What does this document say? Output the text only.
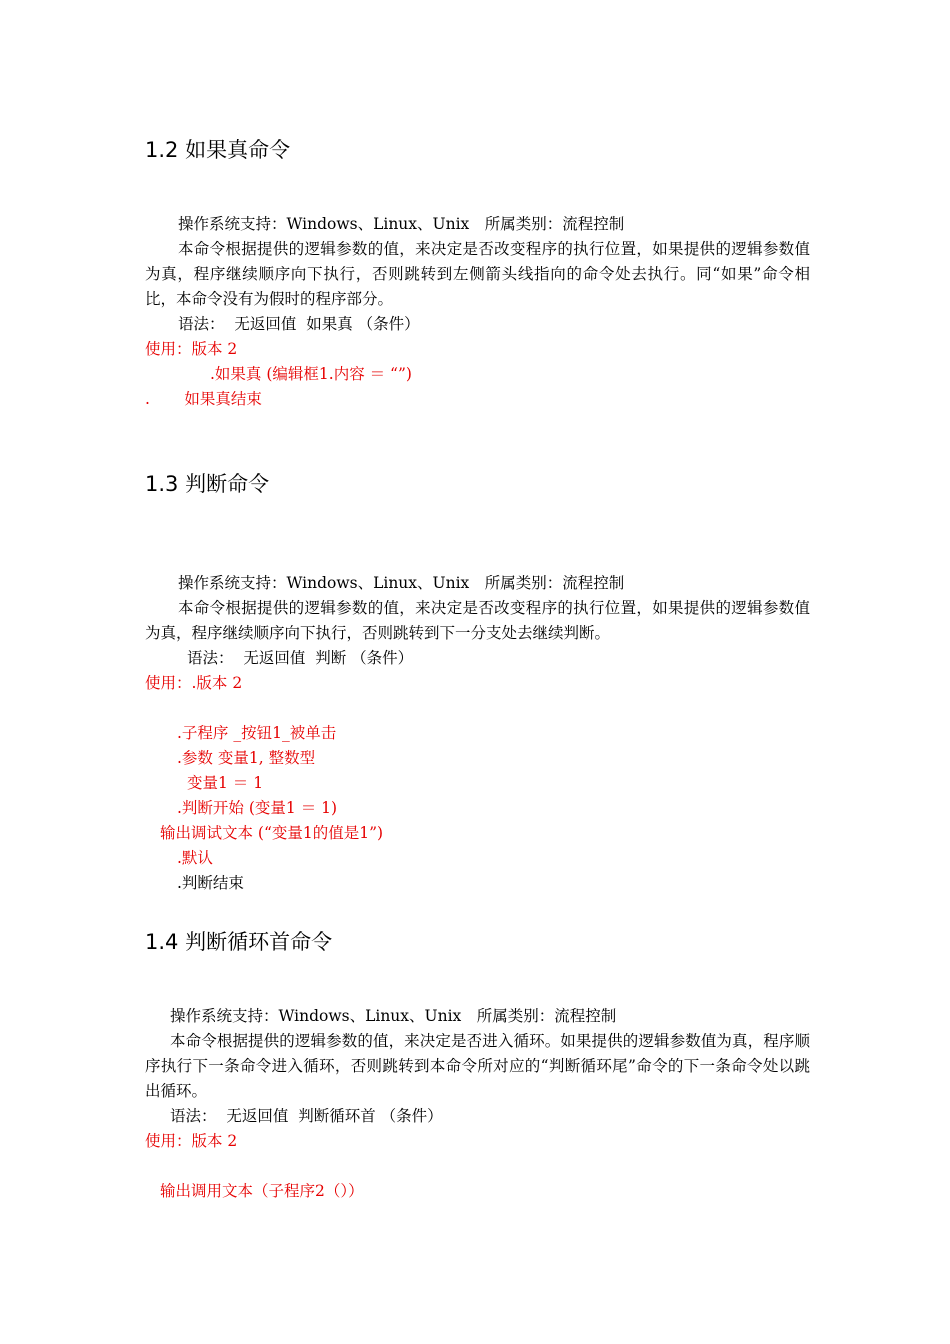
1.2 如果真命令
操作系统支持：Windows、Linux、Unix　所属类别：流程控制
本命令根据提供的逻辑参数的值，来决定是否改变程序的执行位置，如果提供的逻辑参数值为真，程序继续顺序向下执行，否则跳转到左侧箭头线指向的命令处去执行。同“如果”命令相比，本命令没有为假时的程序部分。
语法：  无返回值  如果真 （条件）
使用：版本 2
.如果真 (编辑框1.内容 ＝ “”)
.       如果真结束
1.3 判断命令
操作系统支持：Windows、Linux、Unix　所属类别：流程控制
本命令根据提供的逻辑参数的值，来决定是否改变程序的执行位置，如果提供的逻辑参数值为真，程序继续顺序向下执行，否则跳转到下一分支处去继续判断。
语法：  无返回值  判断 （条件）
使用：.版本 2
.子程序 _按钮1_被单击
.参数 变量1, 整数型
变量1 ＝ 1
.判断开始 (变量1 ＝ 1)
输出调试文本 (“变量1的值是1”)
.默认
.判断结束
1.4 判断循环首命令
操作系统支持：Windows、Linux、Unix　所属类别：流程控制
本命令根据提供的逻辑参数的值，来决定是否进入循环。如果提供的逻辑参数值为真，程序顺序执行下一条命令进入循环，否则跳转到本命令所对应的“判断循环尾”命令的下一条命令处以跳出循环。
语法：  无返回值  判断循环首 （条件）
使用：版本 2
输出调用文本（子程序2（））
